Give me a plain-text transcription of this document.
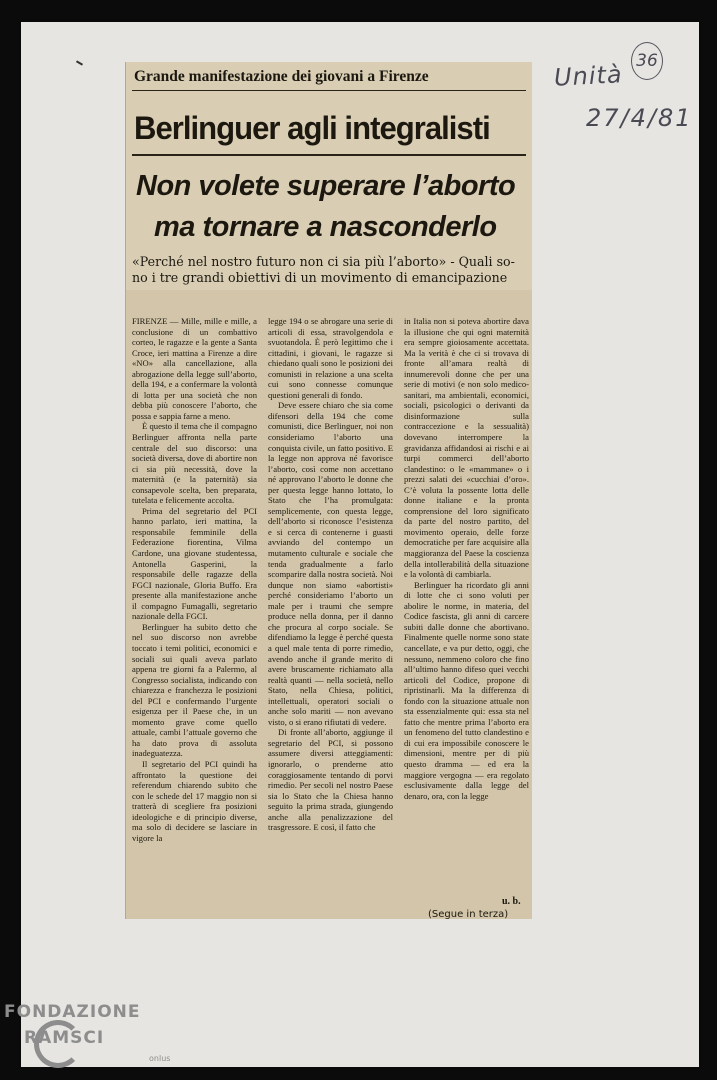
Unità 36
27/4/81
Grande manifestazione dei giovani a Firenze
Berlinguer agli integralisti
Non volete superare l’aborto
ma tornare a nasconderlo
«Perché nel nostro futuro non ci sia più l’aborto» - Quali so-
no i tre grandi obiettivi di un movimento di emancipazione

FIRENZE — Mille, mille e mille, a conclusione di un combattivo corteo, le ragazze e la gente a Santa Croce, ieri mattina a Firenze a dire «NO» alla cancellazione, alla abrogazione della legge sull’aborto, della 194, e a confermare la volontà di lotta per una società che non debba più conoscere l’aborto, che possa e sappia farne a meno.

È questo il tema che il compagno Berlinguer affronta nella parte centrale del suo discorso: una società diversa, dove di abortire non ci sia più necessità, dove la maternità (e la paternità) sia consapevole scelta, ben preparata, tutelata e felicemente accolta.

Prima del segretario del PCI hanno parlato, ieri mattina, la responsabile femminile della Federazione fiorentina, Vilma Cardone, una giovane studentessa, Antonella Gasperini, la responsabile delle ragazze della FGCI nazionale, Gloria Buffo. Era presente alla manifestazione anche il compagno Fumagalli, segretario nazionale della FGCI.

Berlinguer ha subito detto che nel suo discorso non avrebbe toccato i temi politici, economici e sociali sui quali aveva parlato appena tre giorni fa a Palermo, al Congresso socialista, indicando con chiarezza e franchezza le posizioni del PCI e confermando l’urgente esigenza per il Paese che, in un momento grave come quello attuale, cambi l’attuale governo che ha dato prova di assoluta inadeguatezza.

Il segretario del PCI quindi ha affrontato la questione dei referendum chiarendo subito che con le schede del 17 maggio non si tratterà di scegliere fra posizioni ideologiche e di principio diverse, ma solo di decidere se lasciare in vigore la

legge 194 o se abrogare una serie di articoli di essa, stravolgendola e svuotandola. È però legittimo che i cittadini, i giovani, le ragazze si chiedano quali sono le posizioni dei comunisti in relazione a una scelta cui sono connesse comunque questioni generali di fondo.

Deve essere chiaro che sia come difensori della 194 che come comunisti, dice Berlinguer, noi non consideriamo l’aborto una conquista civile, un fatto positivo. E la legge non approva né favorisce l’aborto, così come non accettano né approvano l’aborto le donne che per questa legge hanno lottato, lo Stato che l’ha promulgata: semplicemente, con questa legge, dell’aborto si riconosce l’esistenza e si cerca di contenerne i guasti avviando del contempo un mutamento culturale e sociale che tenda gradualmente a farlo scomparire dalla nostra società. Noi dunque non siamo «abortisti» perché consideriamo l’aborto un male per i traumi che sempre produce nella donna, per il danno che procura al corpo sociale. Se difendiamo la legge è perché questa a quel male tenta di porre rimedio, avendo anche il grande merito di avere bruscamente richiamato alla realtà quanti — nella società, nello Stato, nella Chiesa, politici, intellettuali, operatori sociali o anche solo mariti — non avevano visto, o si erano rifiutati di vedere.

Di fronte all’aborto, aggiunge il segretario del PCI, si possono assumere diversi atteggiamenti: ignorarlo, o prenderne atto coraggiosamente tentando di porvi rimedio. Per secoli nel nostro Paese sia lo Stato che la Chiesa hanno seguito la prima strada, giungendo anche alla penalizzazione del trasgressore. E così, il fatto che

in Italia non si poteva abortire dava la illusione che qui ogni maternità era sempre gioiosamente accettata. Ma la verità è che ci si trovava di fronte all’amara realtà di innumerevoli donne che per una serie di motivi (e non solo medico-sanitari, ma ambientali, economici, sociali, psicologici o derivanti da disinformazione sulla contraccezione e la sessualità) dovevano interrompere la gravidanza affidandosi ai rischi e ai turpi commerci dell’aborto clandestino: o le «mammane» o i prezzi salati dei «cucchiai d’oro». C’è voluta la possente lotta delle donne italiane e la pronta comprensione del loro significato da parte del nostro partito, del movimento operaio, delle forze democratiche per fare acquisire alla maggioranza del Paese la coscienza della intollerabilità della situazione e la volontà di cambiarla.

Berlinguer ha ricordato gli anni di lotte che ci sono voluti per abolire le norme, in materia, del Codice fascista, gli anni di carcere subiti dalle donne che abortivano. Finalmente quelle norme sono state cancellate, e va pur detto, oggi, che nessuno, nemmeno coloro che fino all’ultimo hanno difeso quei vecchi articoli del Codice, propone di ripristinarli. Ma la differenza di fondo con la situazione attuale non sta essenzialmente qui: essa sta nel fatto che mentre prima l’aborto era un fenomeno del tutto clandestino e di cui era impossibile conoscere le dimensioni, mentre per di più questo dramma — ed era la maggiore vergogna — era regolato esclusivamente dalla legge del denaro, ora, con la legge

u. b.
(Segue in terza)
FONDAZIONE
RAMSCI
onlus
